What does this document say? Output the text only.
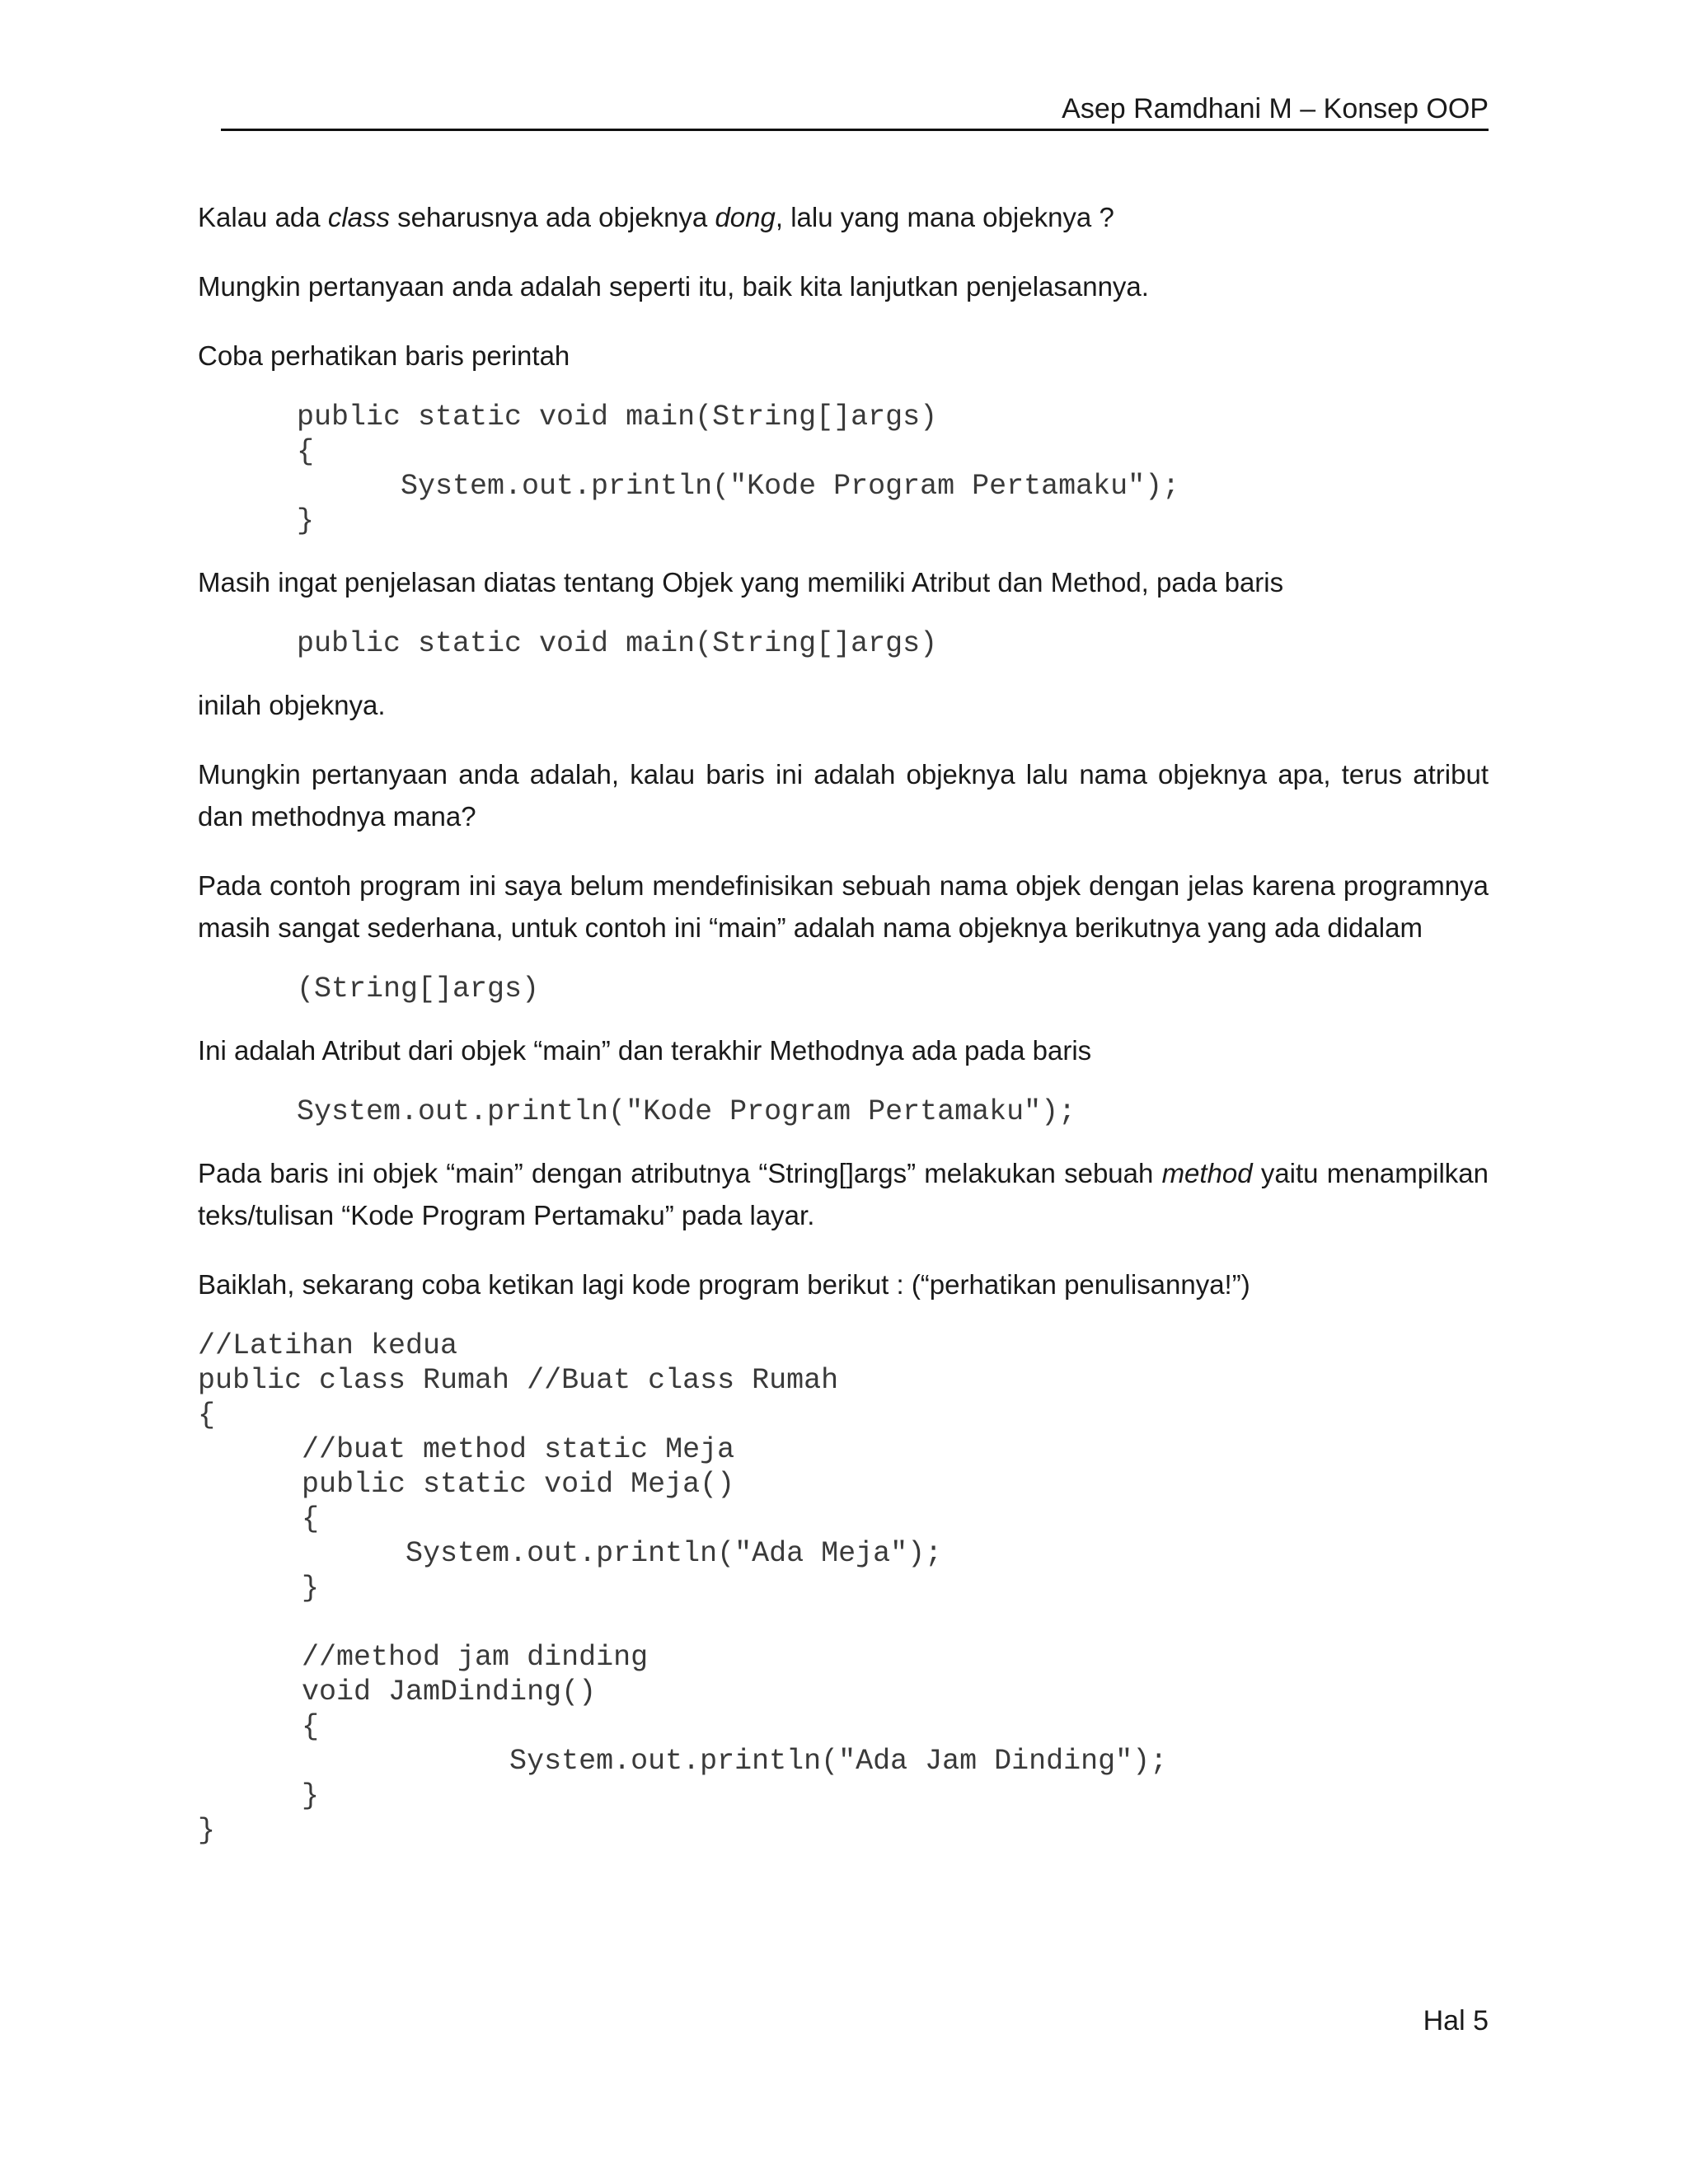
Asep Ramdhani M – Konsep OOP

Kalau ada class seharusnya ada objeknya dong, lalu yang mana objeknya ?

Mungkin pertanyaan anda adalah seperti itu, baik kita lanjutkan penjelasannya.

Coba perhatikan baris perintah

public static void main(String[]args)
{
System.out.println("Kode Program Pertamaku");
}

Masih ingat penjelasan diatas tentang Objek yang memiliki Atribut dan Method, pada baris

public static void main(String[]args)

inilah objeknya.

Mungkin pertanyaan anda adalah, kalau baris ini adalah objeknya lalu nama objeknya apa, terus atribut dan methodnya mana?

Pada contoh program ini saya belum mendefinisikan sebuah nama objek dengan jelas karena programnya masih sangat sederhana, untuk contoh ini “main” adalah nama objeknya berikutnya yang ada didalam

(String[]args)

Ini adalah Atribut dari objek “main” dan terakhir Methodnya ada pada baris

System.out.println("Kode Program Pertamaku");

Pada baris ini objek “main” dengan atributnya “String[]args” melakukan sebuah method yaitu menampilkan teks/tulisan “Kode Program Pertamaku” pada layar.

Baiklah, sekarang coba ketikan lagi kode program berikut : (“perhatikan penulisannya!”)

//Latihan kedua
public class Rumah //Buat class Rumah
{
//buat method static Meja
public static void Meja()
{
System.out.println("Ada Meja");
}

//method jam dinding
void JamDinding()
{
System.out.println("Ada Jam Dinding");
}
}
Hal 5
